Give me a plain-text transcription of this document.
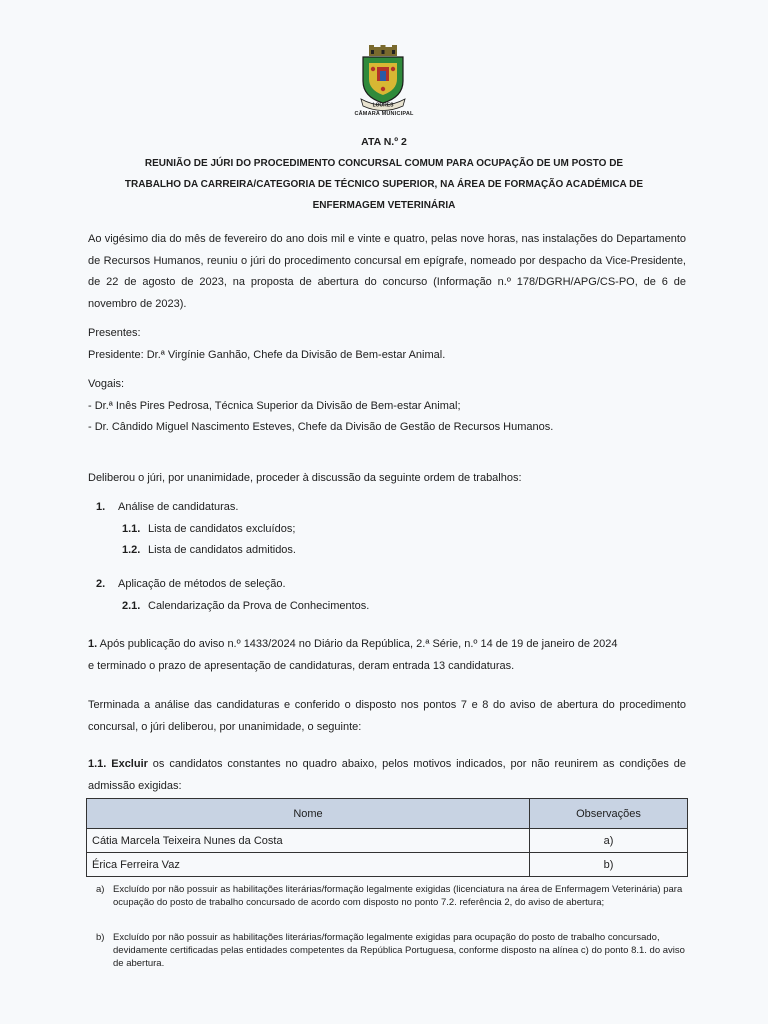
LOURES
CÂMARA MUNICIPAL
ATA N.º 2
REUNIÃO DE JÚRI DO PROCEDIMENTO CONCURSAL COMUM PARA OCUPAÇÃO DE UM POSTO DE
TRABALHO DA CARREIRA/CATEGORIA DE TÉCNICO SUPERIOR, NA ÁREA DE FORMAÇÃO ACADÉMICA DE
ENFERMAGEM VETERINÁRIA
Ao vigésimo dia do mês de fevereiro do ano dois mil e vinte e quatro, pelas nove horas, nas instalações do Departamento de Recursos Humanos, reuniu o júri do procedimento concursal em epígrafe, nomeado por despacho da Vice-Presidente, de 22 de agosto de 2023, na proposta de abertura do concurso (Informação n.º 178/DGRH/APG/CS-PO, de 6 de novembro de 2023).
Presentes:
Presidente: Dr.ª Virgínie Ganhão, Chefe da Divisão de Bem-estar Animal.
Vogais:
- Dr.ª Inês Pires Pedrosa, Técnica Superior da Divisão de Bem-estar Animal;
- Dr. Cândido Miguel Nascimento Esteves, Chefe da Divisão de Gestão de Recursos Humanos.
Deliberou o júri, por unanimidade, proceder à discussão da seguinte ordem de trabalhos:
1. Análise de candidaturas.
1.1. Lista de candidatos excluídos;
1.2. Lista de candidatos admitidos.
2. Aplicação de métodos de seleção.
2.1. Calendarização da Prova de Conhecimentos.
1. Após publicação do aviso n.º 1433/2024 no Diário da República, 2.ª Série, n.º 14 de 19 de janeiro de 2024
e terminado o prazo de apresentação de candidaturas, deram entrada 13 candidaturas.
Terminada a análise das candidaturas e conferido o disposto nos pontos 7 e 8 do aviso de abertura do procedimento concursal, o júri deliberou, por unanimidade, o seguinte:
1.1. Excluir os candidatos constantes no quadro abaixo, pelos motivos indicados, por não reunirem as condições de admissão exigidas:
Nome	Observações
Cátia Marcela Teixeira Nunes da Costa	a)
Érica Ferreira Vaz	b)
a) Excluído por não possuir as habilitações literárias/formação legalmente exigidas (licenciatura na área de Enfermagem Veterinária) para ocupação do posto de trabalho concursado de acordo com disposto no ponto 7.2. referência 2, do aviso de abertura;
b) Excluído por não possuir as habilitações literárias/formação legalmente exigidas para ocupação do posto de trabalho concursado, devidamente certificadas pelas entidades competentes da República Portuguesa, conforme disposto na alínea c) do ponto 8.1. do aviso de abertura.
